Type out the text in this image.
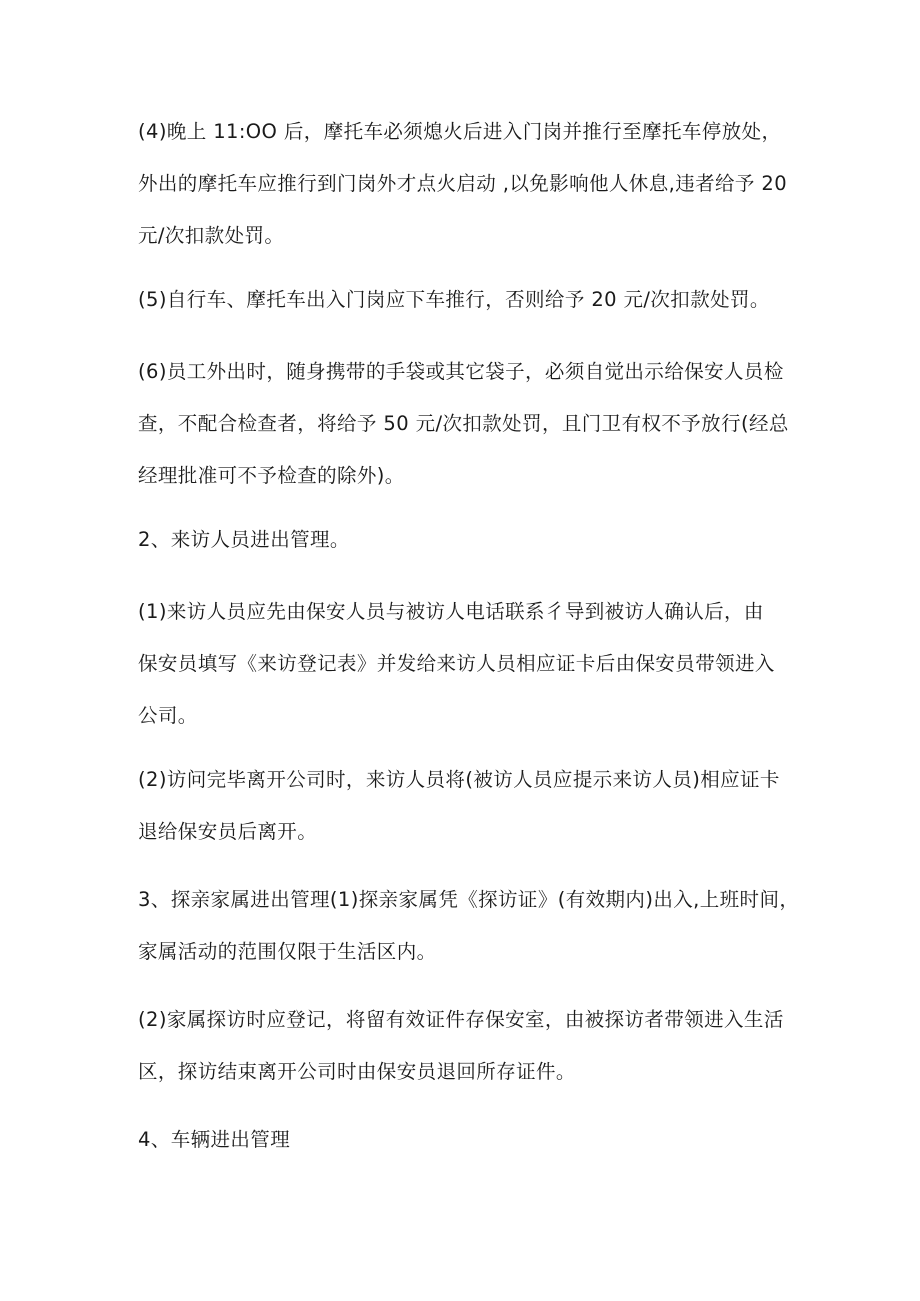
(4)晚上 11:OO 后，摩托车必须熄火后进入门岗并推行至摩托车停放处，
外出的摩托车应推行到门岗外才点火启动 ,以免影响他人休息,违者给予 20
元/次扣款处罚。

(5)自行车、摩托车出入门岗应下车推行，否则给予 20 元/次扣款处罚。

(6)员工外出时，随身携带的手袋或其它袋子，必须自觉出示给保安人员检
查，不配合检查者，将给予 50 元/次扣款处罚，且门卫有权不予放行(经总
经理批准可不予检查的除外)。

2、来访人员进出管理。

(1)来访人员应先由保安人员与被访人电话联系彳导到被访人确认后，由
保安员填写《来访登记表》并发给来访人员相应证卡后由保安员带领进入
公司。

(2)访问完毕离开公司时，来访人员将(被访人员应提示来访人员)相应证卡
退给保安员后离开。

3、探亲家属进出管理(1)探亲家属凭《探访证》(有效期内)出入,上班时间，
家属活动的范围仅限于生活区内。

(2)家属探访时应登记，将留有效证件存保安室，由被探访者带领进入生活
区，探访结束离开公司时由保安员退回所存证件。

4、车辆进出管理
